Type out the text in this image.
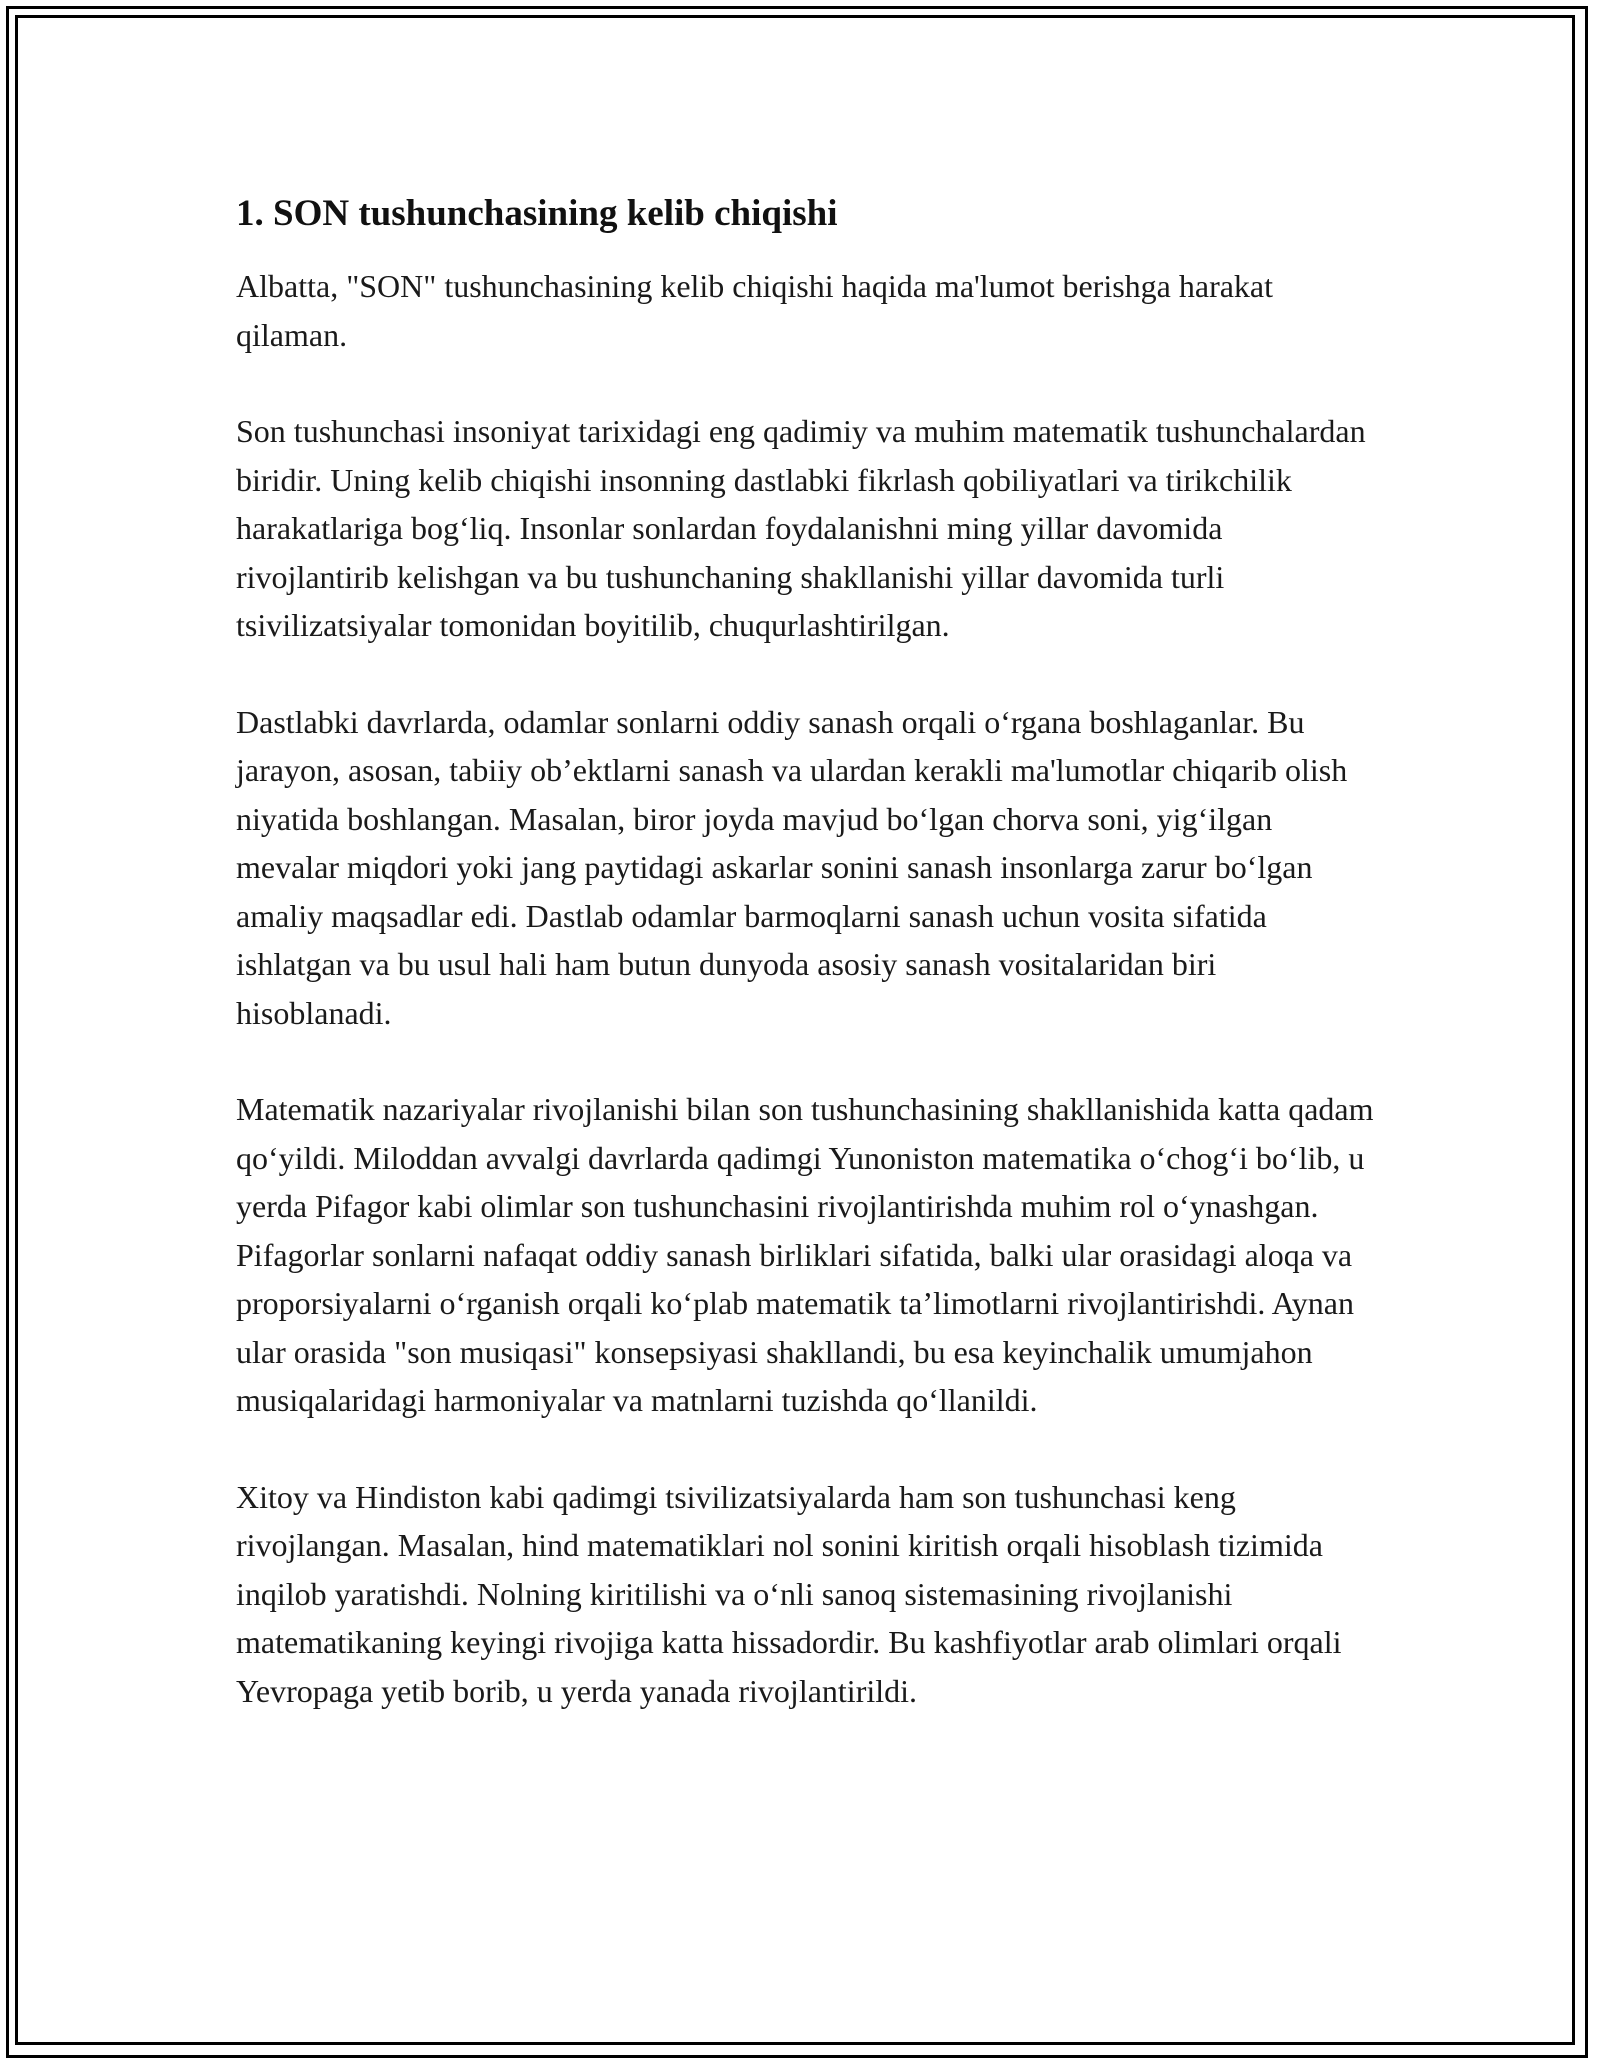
1. SON tushunchasining kelib chiqishi

Albatta, "SON" tushunchasining kelib chiqishi haqida ma'lumot berishga harakat qilaman.

Son tushunchasi insoniyat tarixidagi eng qadimiy va muhim matematik tushunchalardan biridir. Uning kelib chiqishi insonning dastlabki fikrlash qobiliyatlari va tirikchilik harakatlariga bog‘liq. Insonlar sonlardan foydalanishni ming yillar davomida rivojlantirib kelishgan va bu tushunchaning shakllanishi yillar davomida turli tsivilizatsiyalar tomonidan boyitilib, chuqurlashtirilgan.

Dastlabki davrlarda, odamlar sonlarni oddiy sanash orqali o‘rgana boshlaganlar. Bu jarayon, asosan, tabiiy ob’ektlarni sanash va ulardan kerakli ma'lumotlar chiqarib olish niyatida boshlangan. Masalan, biror joyda mavjud bo‘lgan chorva soni, yig‘ilgan mevalar miqdori yoki jang paytidagi askarlar sonini sanash insonlarga zarur bo‘lgan amaliy maqsadlar edi. Dastlab odamlar barmoqlarni sanash uchun vosita sifatida ishlatgan va bu usul hali ham butun dunyoda asosiy sanash vositalaridan biri hisoblanadi.

Matematik nazariyalar rivojlanishi bilan son tushunchasining shakllanishida katta qadam qo‘yildi. Miloddan avvalgi davrlarda qadimgi Yunoniston matematika o‘chog‘i bo‘lib, u yerda Pifagor kabi olimlar son tushunchasini rivojlantirishda muhim rol o‘ynashgan. Pifagorlar sonlarni nafaqat oddiy sanash birliklari sifatida, balki ular orasidagi aloqa va proporsiyalarni o‘rganish orqali ko‘plab matematik ta’limotlarni rivojlantirishdi. Aynan ular orasida "son musiqasi" konsepsiyasi shakllandi, bu esa keyinchalik umumjahon musiqalaridagi harmoniyalar va matnlarni tuzishda qo‘llanildi.

Xitoy va Hindiston kabi qadimgi tsivilizatsiyalarda ham son tushunchasi keng rivojlangan. Masalan, hind matematiklari nol sonini kiritish orqali hisoblash tizimida inqilob yaratishdi. Nolning kiritilishi va o‘nli sanoq sistemasining rivojlanishi matematikaning keyingi rivojiga katta hissadordir. Bu kashfiyotlar arab olimlari orqali Yevropaga yetib borib, u yerda yanada rivojlantirildi.
